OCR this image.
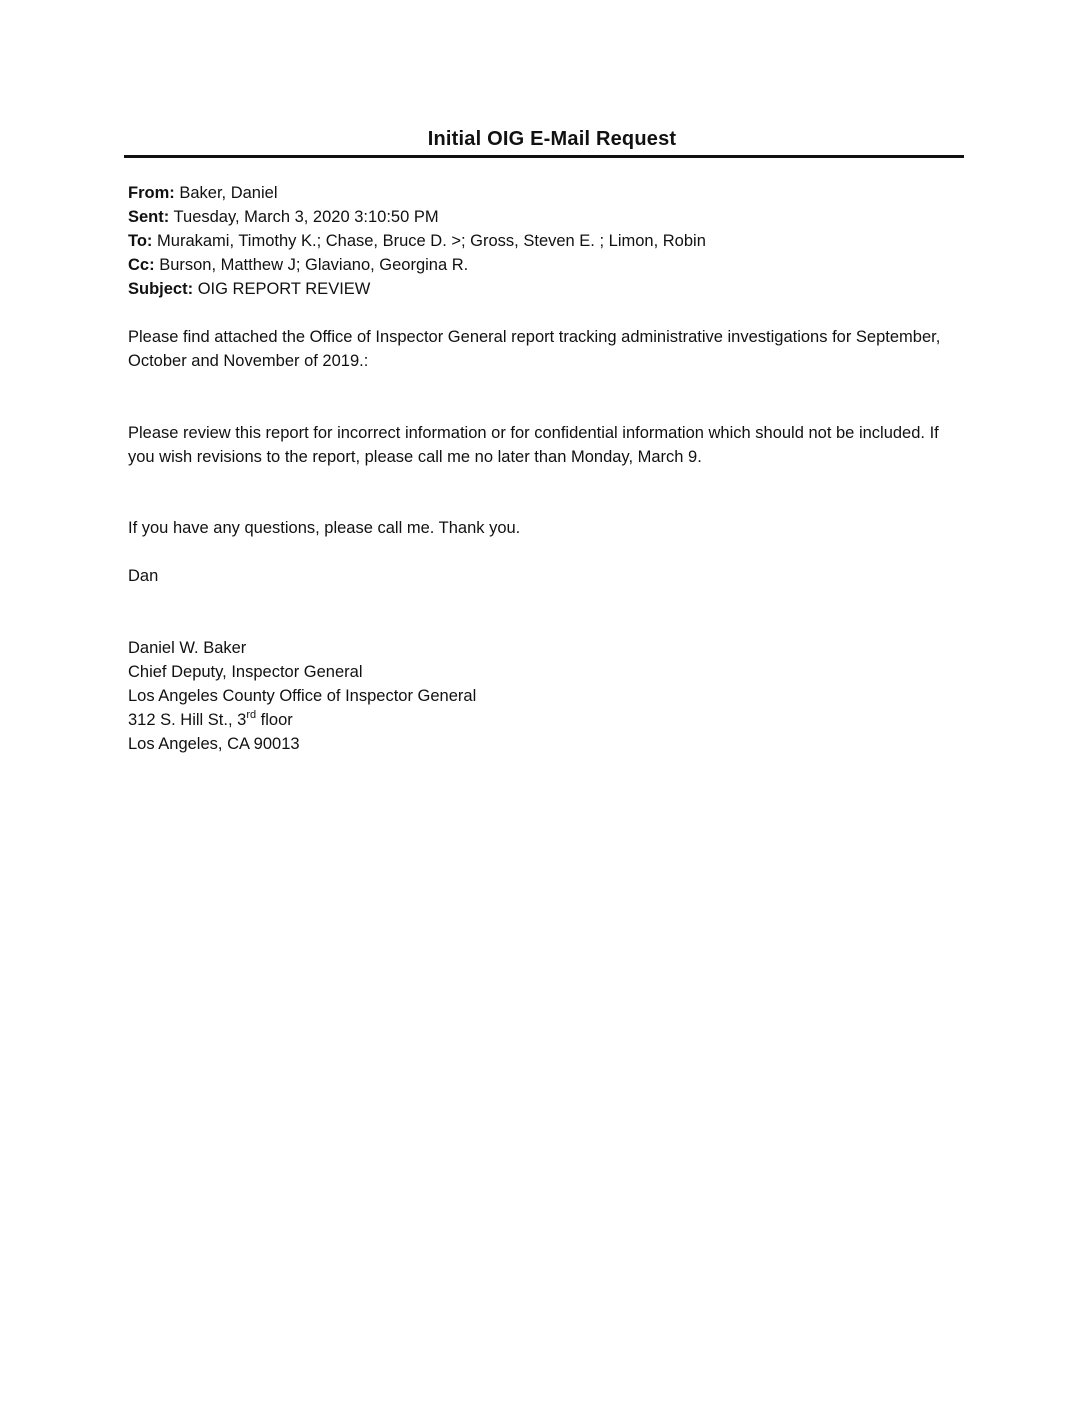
Initial OIG E-Mail Request
From: Baker, Daniel
Sent: Tuesday, March 3, 2020 3:10:50 PM
To: Murakami, Timothy K.; Chase, Bruce D. >; Gross, Steven E. ; Limon, Robin
Cc: Burson, Matthew J; Glaviano, Georgina R.
Subject: OIG REPORT REVIEW

Please find attached the Office of Inspector General report tracking administrative investigations for September, October and November of 2019.:

Please review this report for incorrect information or for confidential information which should not be included. If you wish revisions to the report, please call me no later than Monday, March 9.

If you have any questions, please call me. Thank you.

Dan

Daniel W. Baker
Chief Deputy, Inspector General
Los Angeles County Office of Inspector General
312 S. Hill St., 3rd floor
Los Angeles, CA 90013
